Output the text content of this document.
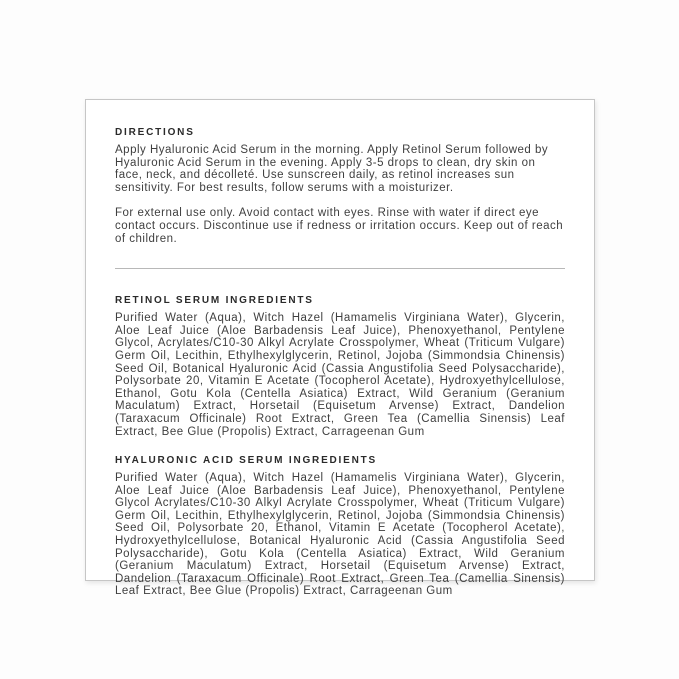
DIRECTIONS

Apply Hyaluronic Acid Serum in the morning. Apply Retinol Serum followed by Hyaluronic Acid Serum in the evening. Apply 3-5 drops to clean, dry skin on face, neck, and décolleté. Use sunscreen daily, as retinol increases sun sensitivity. For best results, follow serums with a moisturizer.

For external use only. Avoid contact with eyes. Rinse with water if direct eye contact occurs. Discontinue use if redness or irritation occurs. Keep out of reach of children.

RETINOL SERUM INGREDIENTS

Purified Water (Aqua), Witch Hazel (Hamamelis Virginiana Water), Glycerin, Aloe Leaf Juice (Aloe Barbadensis Leaf Juice), Phenoxyethanol, Pentylene Glycol, Acrylates/C10-30 Alkyl Acrylate Crosspolymer, Wheat (Triticum Vulgare) Germ Oil, Lecithin, Ethylhexylglycerin, Retinol, Jojoba (Simmondsia Chinensis) Seed Oil, Botanical Hyaluronic Acid (Cassia Angustifolia Seed Polysaccharide), Polysorbate 20, Vitamin E Acetate (Tocopherol Acetate), Hydroxyethylcellulose, Ethanol, Gotu Kola (Centella Asiatica) Extract, Wild Geranium (Geranium Maculatum) Extract, Horsetail (Equisetum Arvense) Extract, Dandelion (Taraxacum Officinale) Root Extract, Green Tea (Camellia Sinensis) Leaf Extract, Bee Glue (Propolis) Extract, Carrageenan Gum

HYALURONIC ACID SERUM INGREDIENTS

Purified Water (Aqua), Witch Hazel (Hamamelis Virginiana Water), Glycerin, Aloe Leaf Juice (Aloe Barbadensis Leaf Juice), Phenoxyethanol, Pentylene Glycol Acrylates/C10-30 Alkyl Acrylate Crosspolymer, Wheat (Triticum Vulgare) Germ Oil, Lecithin, Ethylhexylglycerin, Retinol, Jojoba (Simmondsia Chinensis) Seed Oil, Polysorbate 20, Ethanol, Vitamin E Acetate (Tocopherol Acetate), Hydroxyethylcellulose, Botanical Hyaluronic Acid (Cassia Angustifolia Seed Polysaccharide), Gotu Kola (Centella Asiatica) Extract, Wild Geranium (Geranium Maculatum) Extract, Horsetail (Equisetum Arvense) Extract, Dandelion (Taraxacum Officinale) Root Extract, Green Tea (Camellia Sinensis) Leaf Extract, Bee Glue (Propolis) Extract, Carrageenan Gum
